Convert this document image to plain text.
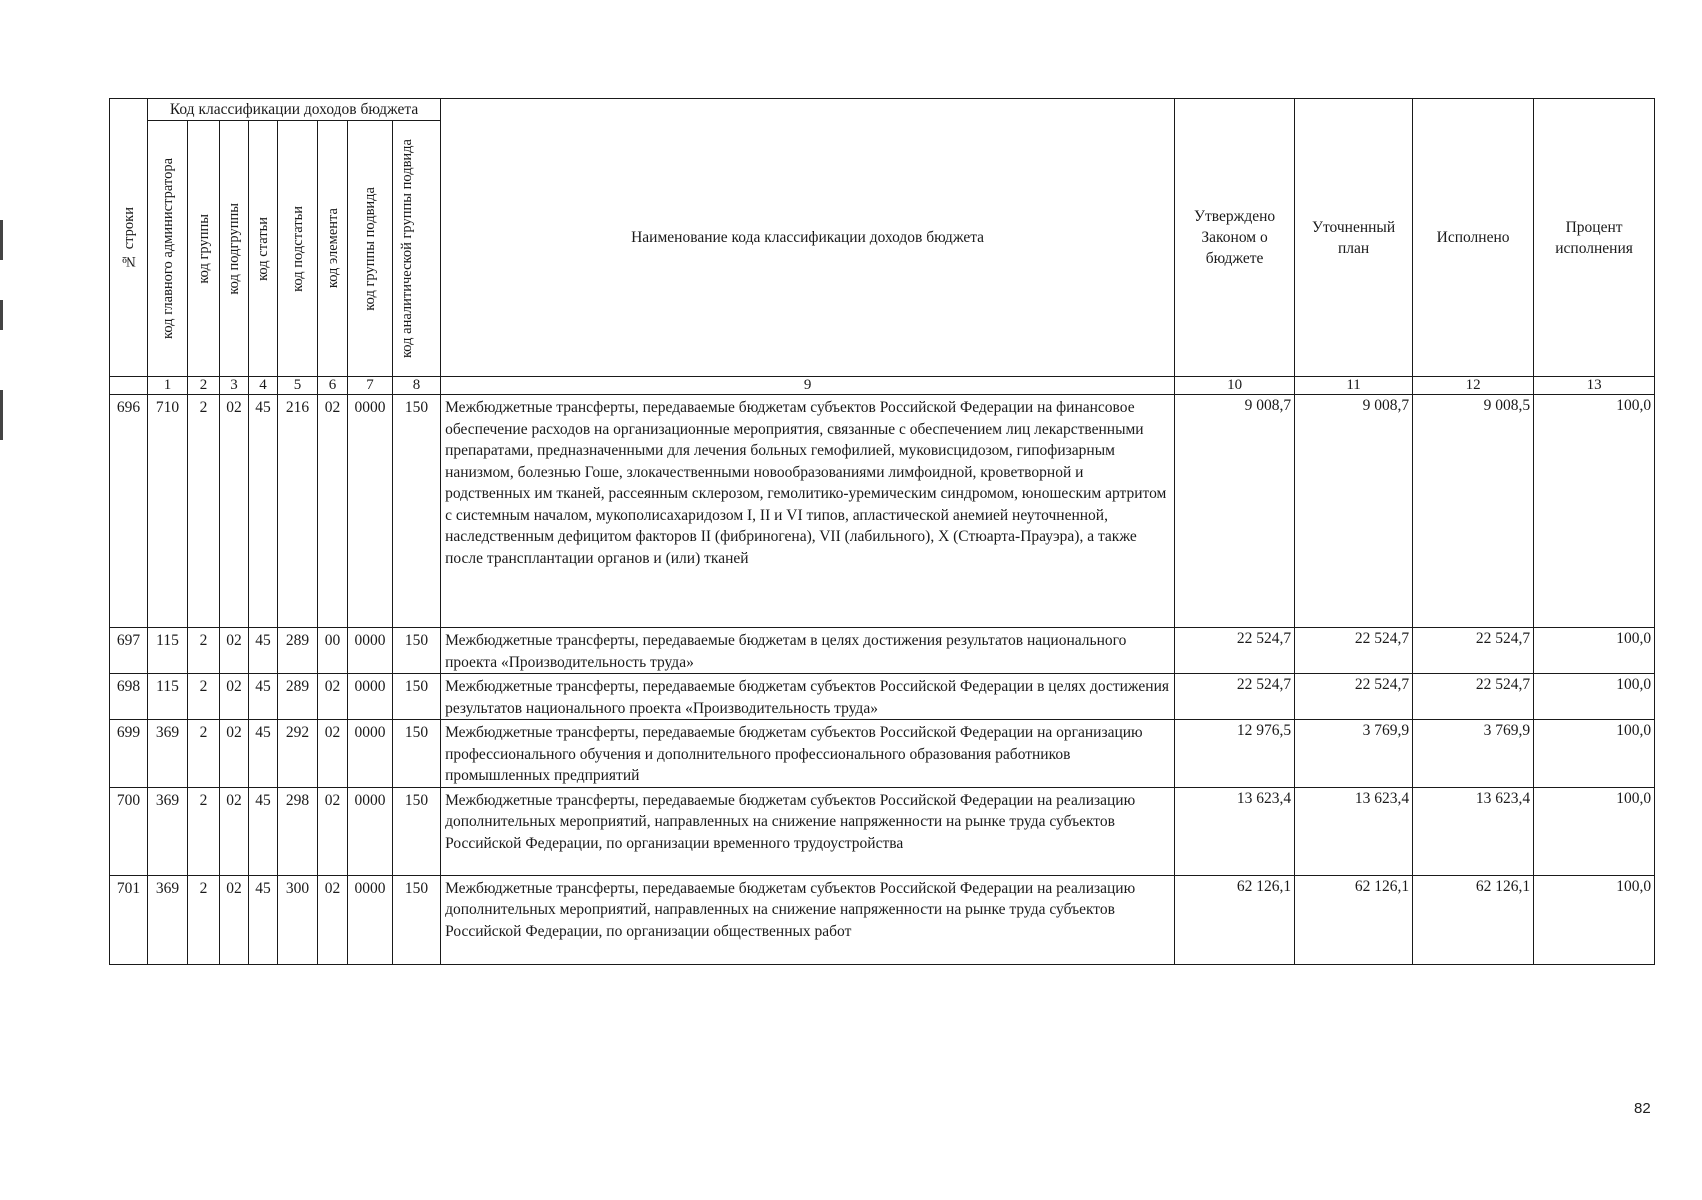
№ строки	Код классификации доходов бюджета								Наименование кода классификации доходов бюджета	Утверждено Законом о бюджете	Уточненный план	Исполнено	Процент исполнения

	код главного администратора	код группы	код подгруппы	код статьи	код подстатьи	код элемента	код группы подвида	код аналитической группы подвида					

	1	2	3	4	5	6	7	8	9	10	11	12	13
696	710	2	02	45	216	02	0000	150	Межбюджетные трансферты, передаваемые бюджетам субъектов Российской Федерации на финансовое обеспечение расходов на организационные мероприятия, связанные с обеспечением лиц лекарственными препаратами, предназначенными для лечения больных гемофилией, муковисцидозом, гипофизарным нанизмом, болезнью Гоше, злокачественными новообразованиями лимфоидной, кроветворной и родственных им тканей, рассеянным склерозом, гемолитико-уремическим синдромом, юношеским артритом с системным началом, мукополисахаридозом I, II и VI типов, апластической анемией неуточненной, наследственным дефицитом факторов II (фибриногена), VII (лабильного), X (Стюарта-Прауэра), а также после трансплантации органов и (или) тканей	9 008,7	9 008,7	9 008,5	100,0
697	115	2	02	45	289	00	0000	150	Межбюджетные трансферты, передаваемые бюджетам в целях достижения результатов национального проекта «Производительность труда»	22 524,7	22 524,7	22 524,7	100,0
698	115	2	02	45	289	02	0000	150	Межбюджетные трансферты, передаваемые бюджетам субъектов Российской Федерации в целях достижения результатов национального проекта «Производительность труда»	22 524,7	22 524,7	22 524,7	100,0
699	369	2	02	45	292	02	0000	150	Межбюджетные трансферты, передаваемые бюджетам субъектов Российской Федерации на организацию профессионального обучения и дополнительного профессионального образования работников промышленных предприятий	12 976,5	3 769,9	3 769,9	100,0
700	369	2	02	45	298	02	0000	150	Межбюджетные трансферты, передаваемые бюджетам субъектов Российской Федерации на реализацию дополнительных мероприятий, направленных на снижение напряженности на рынке труда субъектов Российской Федерации, по организации временного трудоустройства	13 623,4	13 623,4	13 623,4	100,0
701	369	2	02	45	300	02	0000	150	Межбюджетные трансферты, передаваемые бюджетам субъектов Российской Федерации на реализацию дополнительных мероприятий, направленных на снижение напряженности на рынке труда субъектов Российской Федерации, по организации общественных работ	62 126,1	62 126,1	62 126,1	100,0
82
